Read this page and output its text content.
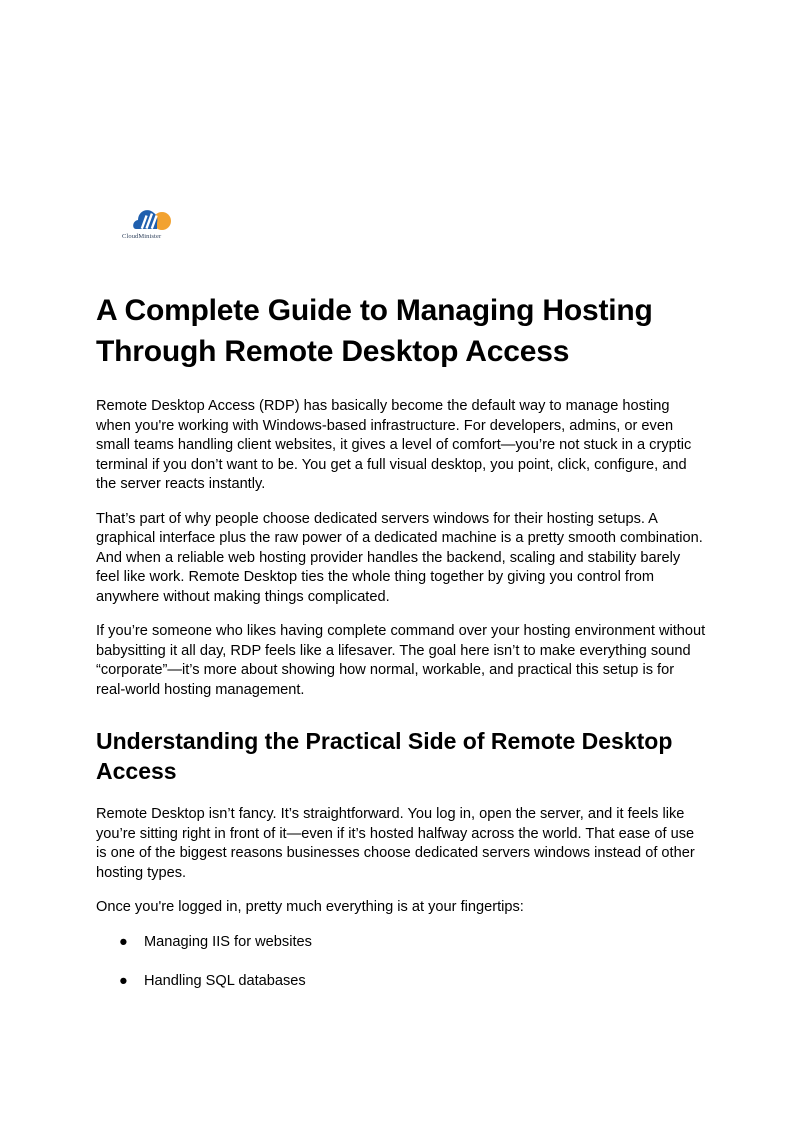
CloudMinister
A Complete Guide to Managing Hosting Through Remote Desktop Access

Remote Desktop Access (RDP) has basically become the default way to manage hosting when you're working with Windows-based infrastructure. For developers, admins, or even small teams handling client websites, it gives a level of comfort—you’re not stuck in a cryptic terminal if you don’t want to be. You get a full visual desktop, you point, click, configure, and the server reacts instantly.

That’s part of why people choose dedicated servers windows for their hosting setups. A graphical interface plus the raw power of a dedicated machine is a pretty smooth combination. And when a reliable web hosting provider handles the backend, scaling and stability barely feel like work. Remote Desktop ties the whole thing together by giving you control from anywhere without making things complicated.

If you’re someone who likes having complete command over your hosting environment without babysitting it all day, RDP feels like a lifesaver. The goal here isn’t to make everything sound “corporate”—it’s more about showing how normal, workable, and practical this setup is for real-world hosting management.

Understanding the Practical Side of Remote Desktop Access

Remote Desktop isn’t fancy. It’s straightforward. You log in, open the server, and it feels like you’re sitting right in front of it—even if it’s hosted halfway across the world. That ease of use is one of the biggest reasons businesses choose dedicated servers windows instead of other hosting types.

Once you're logged in, pretty much everything is at your fingertips:

● Managing IIS for websites
● Handling SQL databases
